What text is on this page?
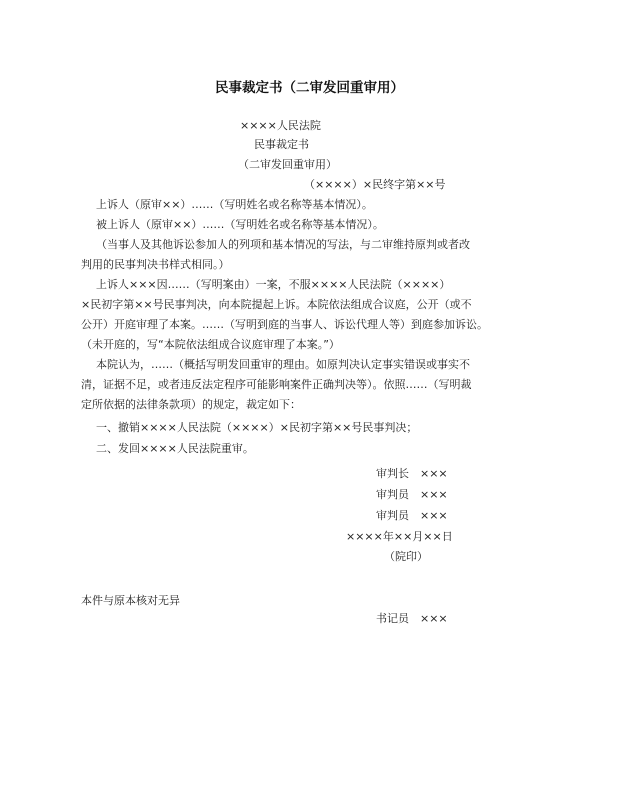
民事裁定书（二审发回重审用）
××××人民法院
民事裁定书
（二审发回重审用）
（××××）×民终字第××号
上诉人（原审××）……（写明姓名或名称等基本情况）。
被上诉人（原审××）……（写明姓名或名称等基本情况）。
（当事人及其他诉讼参加人的列项和基本情况的写法，与二审维持原判或者改
判用的民事判决书样式相同。）
上诉人×××因……（写明案由）一案，不服××××人民法院（××××）
×民初字第××号民事判决，向本院提起上诉。本院依法组成合议庭，公开（或不
公开）开庭审理了本案。……（写明到庭的当事人、诉讼代理人等）到庭参加诉讼。
（未开庭的，写“本院依法组成合议庭审理了本案。”）
本院认为，……（概括写明发回重审的理由。如原判决认定事实错误或事实不
清，证据不足，或者违反法定程序可能影响案件正确判决等）。依照……（写明裁
定所依据的法律条款项）的规定，裁定如下：
一、撤销××××人民法院（××××）×民初字第××号民事判决；
二、发回××××人民法院重审。
审判长　×××
审判员　×××
审判员　×××
××××年××月××日
（院印）
本件与原本核对无异
书记员　×××
